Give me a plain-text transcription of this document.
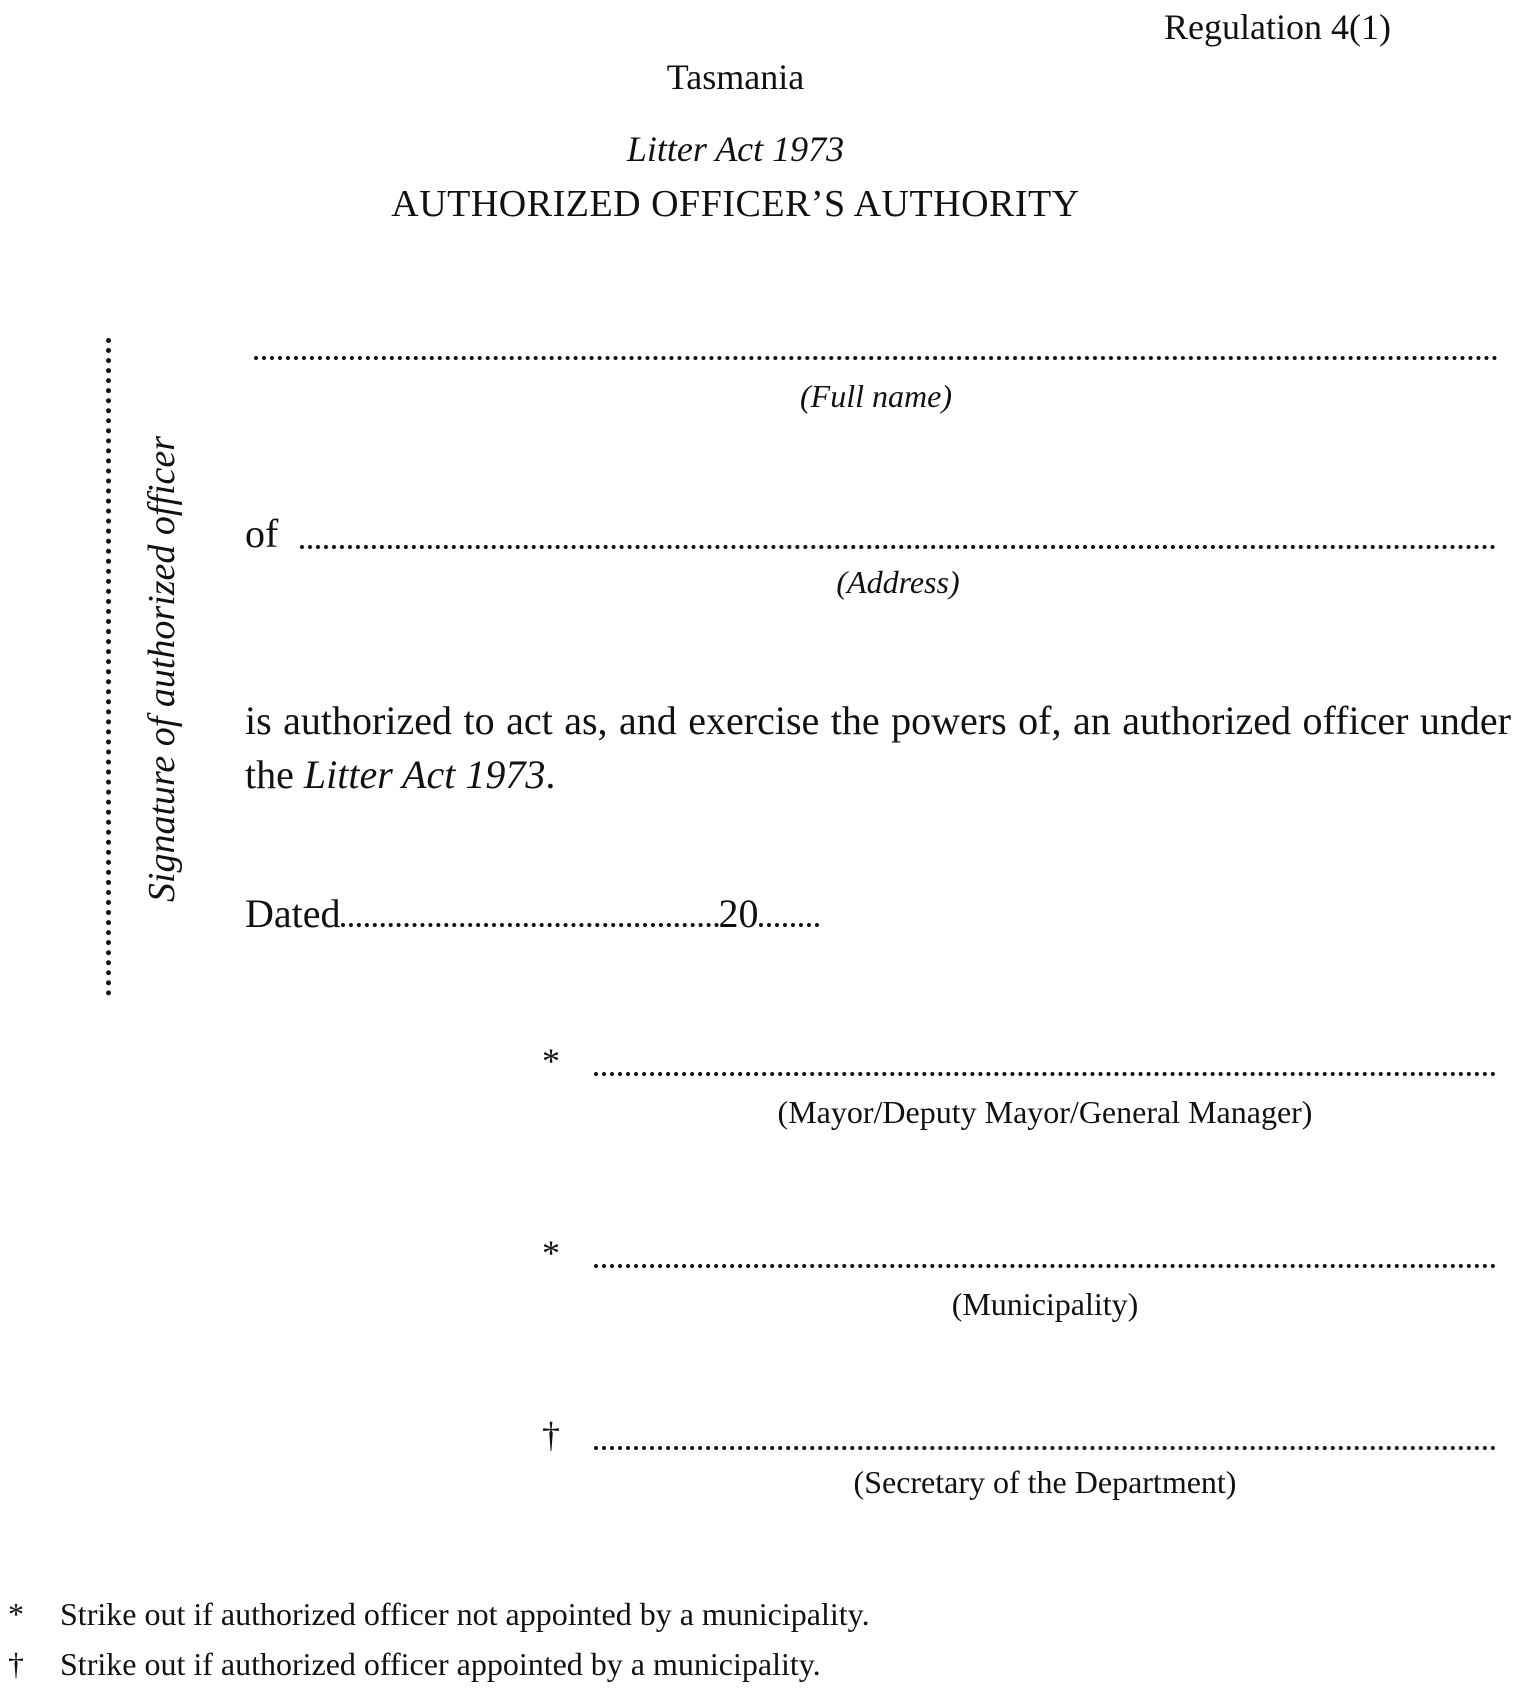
Regulation 4(1)
Tasmania
Litter Act 1973
AUTHORIZED OFFICER’S AUTHORITY
Signature of authorized officer
(Full name)
of
(Address)
is authorized to act as, and exercise the powers of, an authorized officer under the Litter Act 1973.
Dated	20
*
(Mayor/Deputy Mayor/General Manager)
*
(Municipality)
†
(Secretary of the Department)
* Strike out if authorized officer not appointed by a municipality.
† Strike out if authorized officer appointed by a municipality.
